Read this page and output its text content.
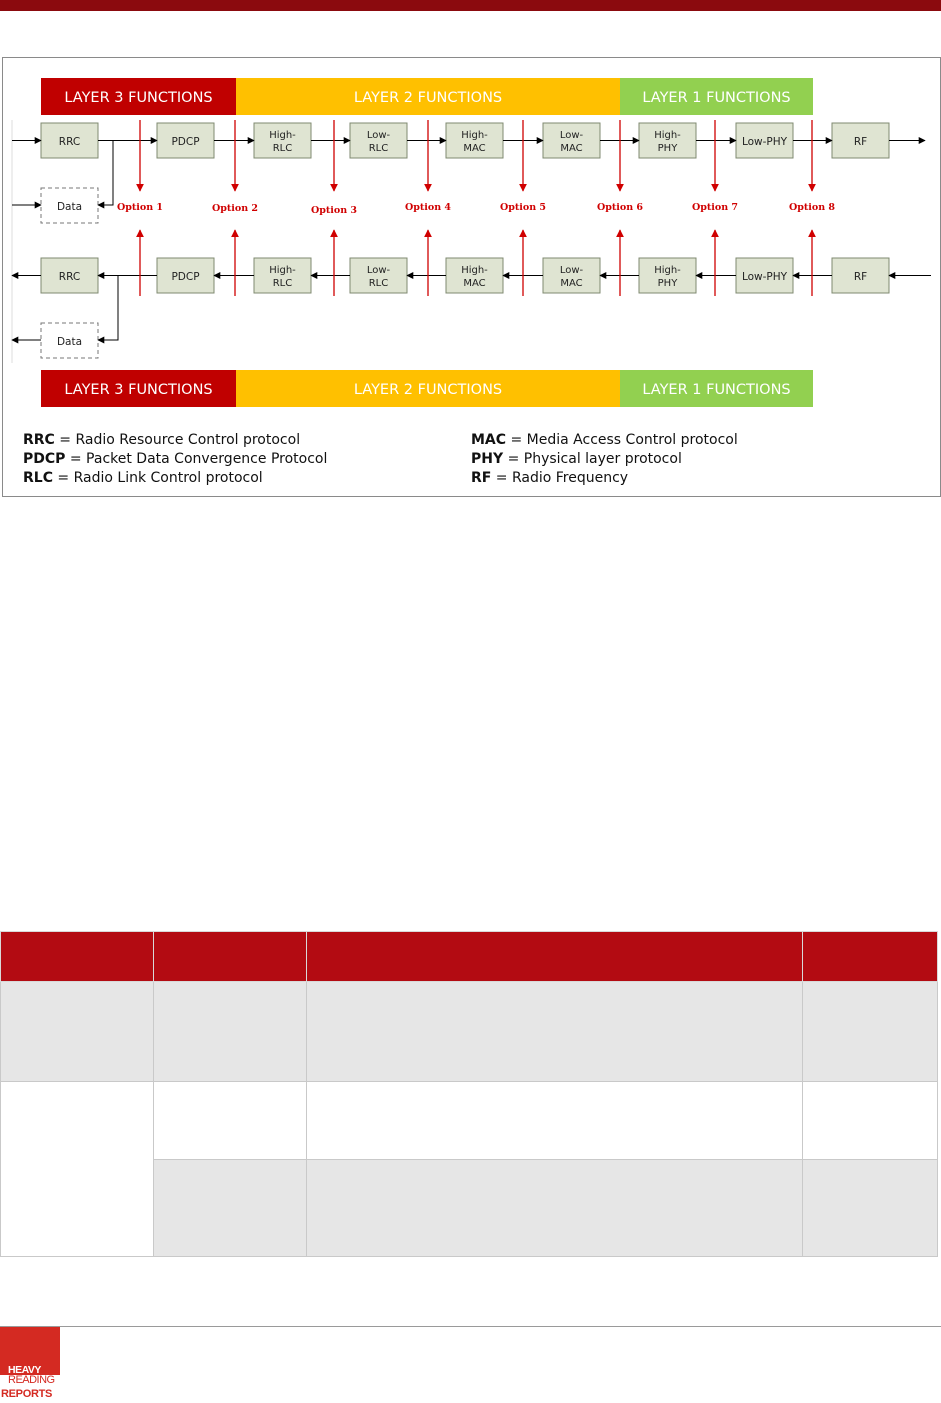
LAYER 3 FUNCTIONS	LAYER 2 FUNCTIONS	LAYER 1 FUNCTIONS
LAYER 3 FUNCTIONS	LAYER 2 FUNCTIONS	LAYER 1 FUNCTIONS
RRC	PDCP
High-
RLC
Low-
RLC
High-
MAC
Low-
MAC
High-
PHY
Low-PHY	RF
RRC	PDCP
High-
RLC
Low-
RLC
High-
MAC
Low-
MAC
High-
PHY
Low-PHY	RF
Data
Data
Option 1	Option 2	Option 3	Option 4	Option 5	Option 6	Option 7	Option 8
RRC = Radio Resource Control protocol
PDCP = Packet Data Convergence Protocol
RLC = Radio Link Control protocol
MAC = Media Access Control protocol
PHY = Physical layer protocol
RF = Radio Frequency

HEAVY
READING
REPORTS
